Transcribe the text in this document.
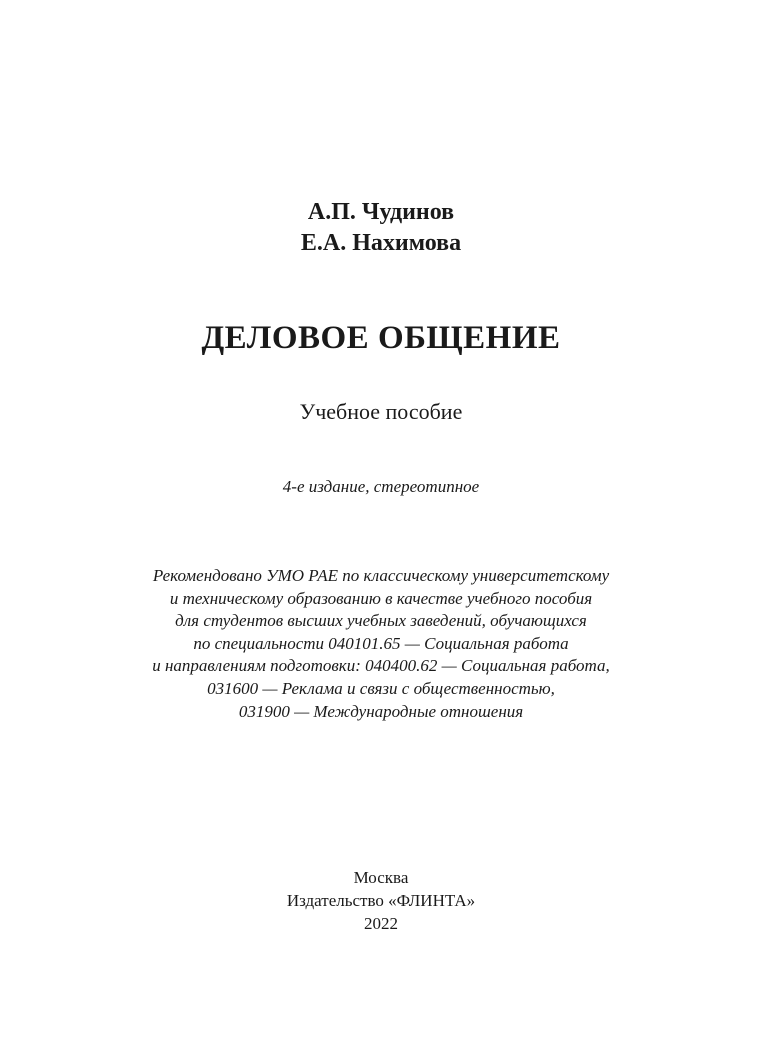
А.П. Чудинов
Е.А. Нахимова
ДЕЛОВОЕ ОБЩЕНИЕ
Учебное пособие
4-е издание, стереотипное
Рекомендовано УМО РАЕ по классическому университетскому
и техническому образованию в качестве учебного пособия
для студентов высших учебных заведений, обучающихся
по специальности 040101.65 — Социальная работа
и направлениям подготовки: 040400.62 — Социальная работа,
031600 — Реклама и связи с общественностью,
031900 — Международные отношения
Москва
Издательство «ФЛИНТА»
2022
